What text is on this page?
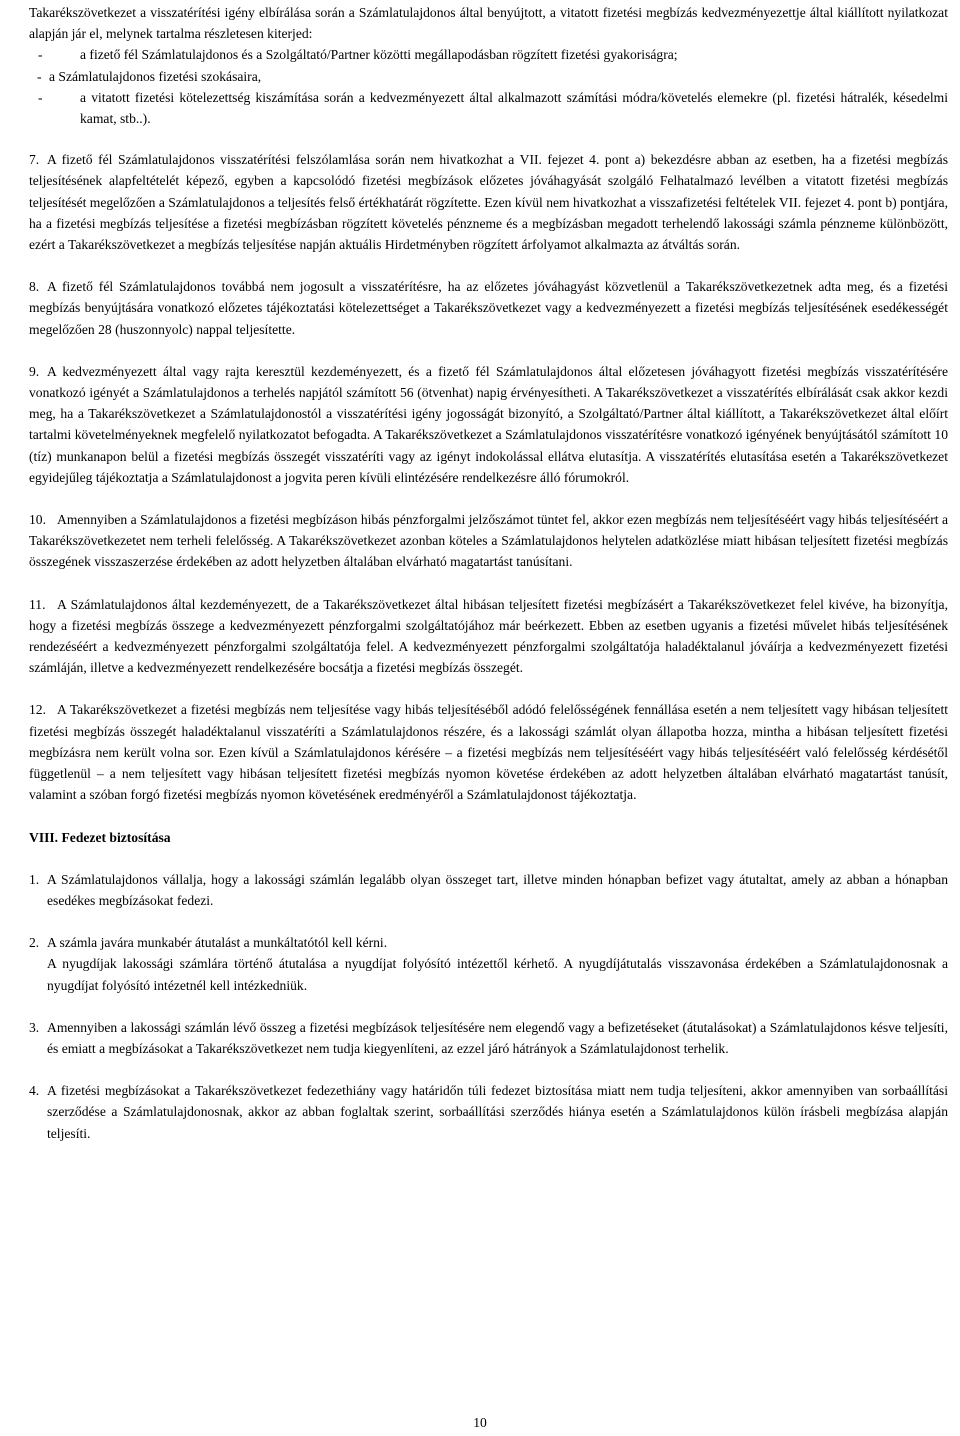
Takarékszövetkezet a visszatérítési igény elbírálása során a Számlatulajdonos által benyújtott, a vitatott fizetési megbízás kedvezményezettje által kiállított nyilatkozat alapján jár el, melynek tartalma részletesen kiterjed:

-	a fizető fél Számlatulajdonos és a Szolgáltató/Partner közötti megállapodásban rögzített fizetési gyakoriságra;
- a Számlatulajdonos fizetési szokásaira,
-	a vitatott fizetési kötelezettség kiszámítása során a kedvezményezett által alkalmazott számítási módra/követelés elemekre (pl. fizetési hátralék, késedelmi kamat, stb..).
7. A fizető fél Számlatulajdonos visszatérítési felszólamlása során nem hivatkozhat a VII. fejezet 4. pont a) bekezdésre abban az esetben, ha a fizetési megbízás teljesítésének alapfeltételét képező, egyben a kapcsolódó fizetési megbízások előzetes jóváhagyását szolgáló Felhatalmazó levélben a vitatott fizetési megbízás teljesítését megelőzően a Számlatulajdonos a teljesítés felső értékhatárát rögzítette. Ezen kívül nem hivatkozhat a visszafizetési feltételek VII. fejezet 4. pont b) pontjára, ha a fizetési megbízás teljesítése a fizetési megbízásban rögzített követelés pénzneme és a megbízásban megadott terhelendő lakossági számla pénzneme különbözött, ezért a Takarékszövetkezet a megbízás teljesítése napján aktuális Hirdetményben rögzített árfolyamot alkalmazta az átváltás során.

8. A fizető fél Számlatulajdonos továbbá nem jogosult a visszatérítésre, ha az előzetes jóváhagyást közvetlenül a Takarékszövetkezetnek adta meg, és a fizetési megbízás benyújtására vonatkozó előzetes tájékoztatási kötelezettséget a Takarékszövetkezet vagy a kedvezményezett a fizetési megbízás teljesítésének esedékességét megelőzően 28 (huszonnyolc) nappal teljesítette.

9. A kedvezményezett által vagy rajta keresztül kezdeményezett, és a fizető fél Számlatulajdonos által előzetesen jóváhagyott fizetési megbízás visszatérítésére vonatkozó igényét a Számlatulajdonos a terhelés napjától számított 56 (ötvenhat) napig érvényesítheti. A Takarékszövetkezet a visszatérítés elbírálását csak akkor kezdi meg, ha a Takarékszövetkezet a Számlatulajdonostól a visszatérítési igény jogosságát bizonyító, a Szolgáltató/Partner által kiállított, a Takarékszövetkezet által előírt tartalmi követelményeknek megfelelő nyilatkozatot befogadta. A Takarékszövetkezet a Számlatulajdonos visszatérítésre vonatkozó igényének benyújtásától számított 10 (tíz) munkanapon belül a fizetési megbízás összegét visszatéríti vagy az igényt indokolással ellátva elutasítja. A visszatérítés elutasítása esetén a Takarékszövetkezet egyidejűleg tájékoztatja a Számlatulajdonost a jogvita peren kívüli elintézésére rendelkezésre álló fórumokról.

10. Amennyiben a Számlatulajdonos a fizetési megbízáson hibás pénzforgalmi jelzőszámot tüntet fel, akkor ezen megbízás nem teljesítéséért vagy hibás teljesítéséért a Takarékszövetkezetet nem terheli felelősség. A Takarékszövetkezet azonban köteles a Számlatulajdonos helytelen adatközlése miatt hibásan teljesített fizetési megbízás összegének visszaszerzése érdekében az adott helyzetben általában elvárható magatartást tanúsítani.

11. A Számlatulajdonos által kezdeményezett, de a Takarékszövetkezet által hibásan teljesített fizetési megbízásért a Takarékszövetkezet felel kivéve, ha bizonyítja, hogy a fizetési megbízás összege a kedvezményezett pénzforgalmi szolgáltatójához már beérkezett. Ebben az esetben ugyanis a fizetési művelet hibás teljesítésének rendezéséért a kedvezményezett pénzforgalmi szolgáltatója felel. A kedvezményezett pénzforgalmi szolgáltatója haladéktalanul jóváírja a kedvezményezett fizetési számláján, illetve a kedvezményezett rendelkezésére bocsátja a fizetési megbízás összegét.

12. A Takarékszövetkezet a fizetési megbízás nem teljesítése vagy hibás teljesítéséből adódó felelősségének fennállása esetén a nem teljesített vagy hibásan teljesített fizetési megbízás összegét haladéktalanul visszatéríti a Számlatulajdonos részére, és a lakossági számlát olyan állapotba hozza, mintha a hibásan teljesített fizetési megbízásra nem került volna sor. Ezen kívül a Számlatulajdonos kérésére – a fizetési megbízás nem teljesítéséért vagy hibás teljesítéséért való felelősség kérdésétől függetlenül – a nem teljesített vagy hibásan teljesített fizetési megbízás nyomon követése érdekében az adott helyzetben általában elvárható magatartást tanúsít, valamint a szóban forgó fizetési megbízás nyomon követésének eredményéről a Számlatulajdonost tájékoztatja.

VIII. Fedezet biztosítása

1. A Számlatulajdonos vállalja, hogy a lakossági számlán legalább olyan összeget tart, illetve minden hónapban befizet vagy átutaltat, amely az abban a hónapban esedékes megbízásokat fedezi.

2. A számla javára munkabér átutalást a munkáltatótól kell kérni.

A nyugdíjak lakossági számlára történő átutalása a nyugdíjat folyósító intézettől kérhető. A nyugdíjátutalás visszavonása érdekében a Számlatulajdonosnak a nyugdíjat folyósító intézetnél kell intézkedniük.

3. Amennyiben a lakossági számlán lévő összeg a fizetési megbízások teljesítésére nem elegendő vagy a befizetéseket (átutalásokat) a Számlatulajdonos késve teljesíti, és emiatt a megbízásokat a Takarékszövetkezet nem tudja kiegyenlíteni, az ezzel járó hátrányok a Számlatulajdonost terhelik.

4. A fizetési megbízásokat a Takarékszövetkezet fedezethiány vagy határidőn túli fedezet biztosítása miatt nem tudja teljesíteni, akkor amennyiben van sorbaállítási szerződése a Számlatulajdonosnak, akkor az abban foglaltak szerint, sorbaállítási szerződés hiánya esetén a Számlatulajdonos külön írásbeli megbízása alapján teljesíti.

10
